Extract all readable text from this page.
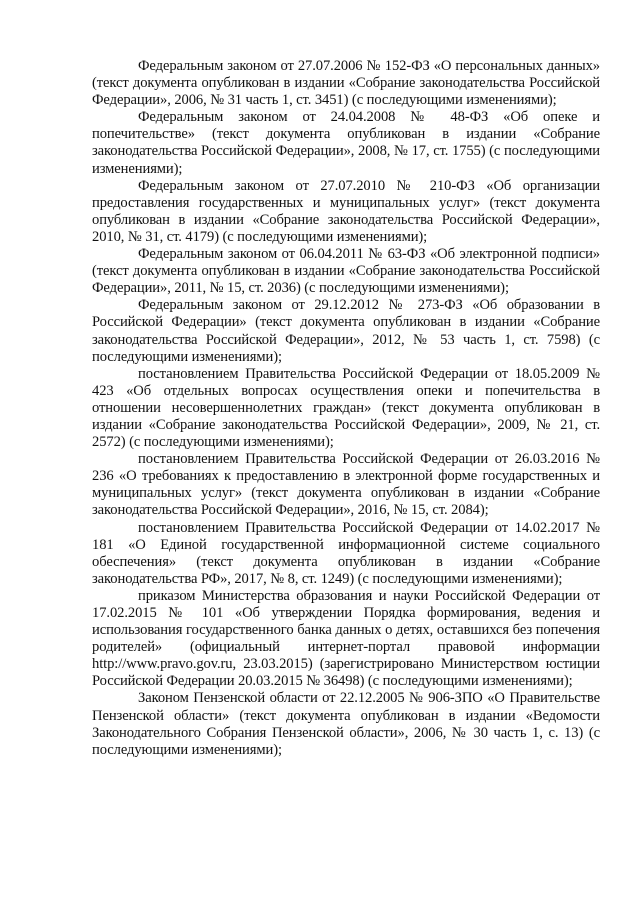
Федеральным законом от 27.07.2006 № 152-ФЗ «О персональных данных» (текст документа опубликован в издании «Собрание законодательства Российской Федерации», 2006, № 31 часть 1, ст. 3451) (с последующими изменениями);

Федеральным законом от 24.04.2008 № 48-ФЗ «Об опеке и попечительстве» (текст документа опубликован в издании «Собрание законодательства Российской Федерации», 2008, № 17, ст. 1755) (с последующими изменениями);

Федеральным законом от 27.07.2010 № 210-ФЗ «Об организации предоставления государственных и муниципальных услуг» (текст документа опубликован в издании «Собрание законодательства Российской Федерации», 2010, № 31, ст. 4179) (с последующими изменениями);

Федеральным законом от 06.04.2011 № 63-ФЗ «Об электронной подписи» (текст документа опубликован в издании «Собрание законодательства Российской Федерации», 2011, № 15, ст. 2036) (с последующими изменениями);

Федеральным законом от 29.12.2012 № 273-ФЗ «Об образовании в Российской Федерации» (текст документа опубликован в издании «Собрание законодательства Российской Федерации», 2012, № 53 часть 1, ст. 7598) (с последующими изменениями);

постановлением Правительства Российской Федерации от 18.05.2009 № 423 «Об отдельных вопросах осуществления опеки и попечительства в отношении несовершеннолетних граждан» (текст документа опубликован в издании «Собрание законодательства Российской Федерации», 2009, № 21, ст. 2572) (с последующими изменениями);

постановлением Правительства Российской Федерации от 26.03.2016 № 236 «О требованиях к предоставлению в электронной форме государственных и муниципальных услуг» (текст документа опубликован в издании «Собрание законодательства Российской Федерации», 2016, № 15, ст. 2084);

постановлением Правительства Российской Федерации от 14.02.2017 № 181 «О Единой государственной информационной системе социального обеспечения» (текст документа опубликован в издании «Собрание законодательства РФ», 2017, № 8, ст. 1249) (с последующими изменениями);

приказом Министерства образования и науки Российской Федерации от 17.02.2015 № 101 «Об утверждении Порядка формирования, ведения и использования государственного банка данных о детях, оставшихся без попечения родителей» (официальный интернет-портал правовой информации http://www.pravo.gov.ru, 23.03.2015) (зарегистрировано Министерством юстиции Российской Федерации 20.03.2015 № 36498) (с последующими изменениями);

Законом Пензенской области от 22.12.2005 № 906-ЗПО «О Правительстве Пензенской области» (текст документа опубликован в издании «Ведомости Законодательного Собрания Пензенской области», 2006, № 30 часть 1, с. 13) (с последующими изменениями);
